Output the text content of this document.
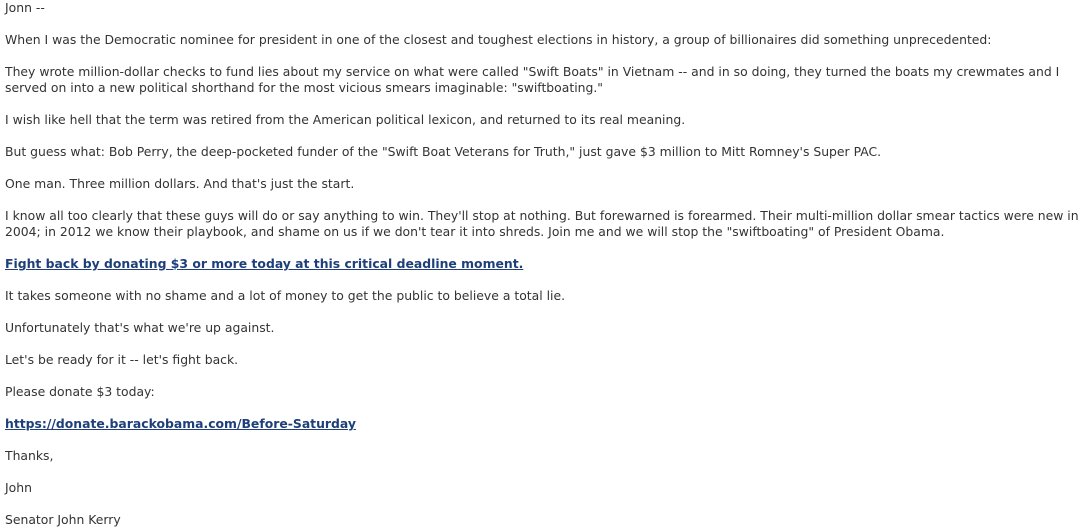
Jonn --

When I was the Democratic nominee for president in one of the closest and toughest elections in history, a group of billionaires did something unprecedented:

They wrote million-dollar checks to fund lies about my service on what were called "Swift Boats" in Vietnam -- and in so doing, they turned the boats my crewmates and I served on into a new political shorthand for the most vicious smears imaginable: "swiftboating."

I wish like hell that the term was retired from the American political lexicon, and returned to its real meaning.

But guess what: Bob Perry, the deep-pocketed funder of the "Swift Boat Veterans for Truth," just gave $3 million to Mitt Romney's Super PAC.

One man. Three million dollars. And that's just the start.

I know all too clearly that these guys will do or say anything to win. They'll stop at nothing. But forewarned is forearmed. Their multi-million dollar smear tactics were new in 2004; in 2012 we know their playbook, and shame on us if we don't tear it into shreds. Join me and we will stop the "swiftboating" of President Obama.

Fight back by donating $3 or more today at this critical deadline moment.

It takes someone with no shame and a lot of money to get the public to believe a total lie.

Unfortunately that's what we're up against.

Let's be ready for it -- let's fight back.

Please donate $3 today:

https://donate.barackobama.com/Before-Saturday

Thanks,

John

Senator John Kerry
